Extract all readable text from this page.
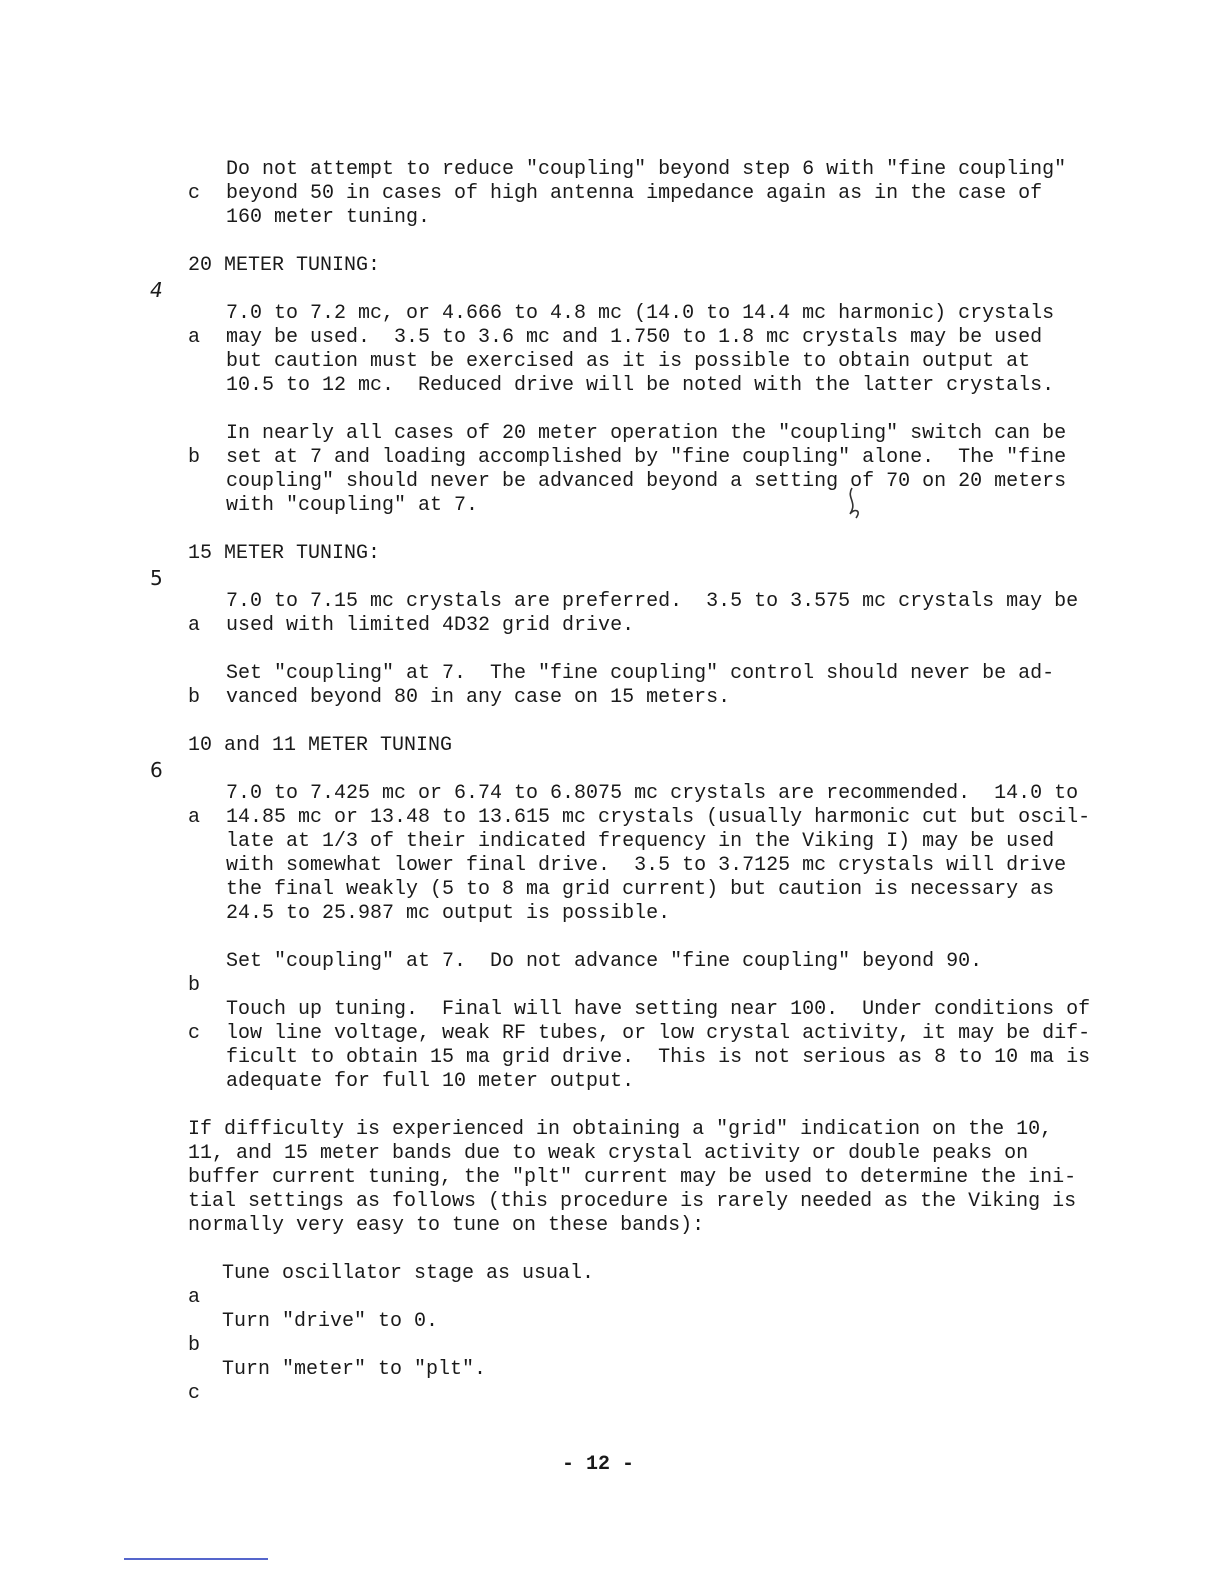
c

Do not attempt to reduce "coupling" beyond step 6 with "fine coupling"

beyond 50 in cases of high antenna impedance again as in the case of

160 meter tuning.

4

20 METER TUNING:

a

7.0 to 7.2 mc, or 4.666 to 4.8 mc (14.0 to 14.4 mc harmonic) crystals

may be used.  3.5 to 3.6 mc and 1.750 to 1.8 mc crystals may be used

but caution must be exercised as it is possible to obtain output at

10.5 to 12 mc.  Reduced drive will be noted with the latter crystals.

b

In nearly all cases of 20 meter operation the "coupling" switch can be

set at 7 and loading accomplished by "fine coupling" alone.  The "fine

coupling" should never be advanced beyond a setting of 70 on 20 meters

with "coupling" at 7.

5

15 METER TUNING:

a

7.0 to 7.15 mc crystals are preferred.  3.5 to 3.575 mc crystals may be

used with limited 4D32 grid drive.

b

Set "coupling" at 7.  The "fine coupling" control should never be ad-

vanced beyond 80 in any case on 15 meters.

6

10 and 11 METER TUNING

a

7.0 to 7.425 mc or 6.74 to 6.8075 mc crystals are recommended.  14.0 to

14.85 mc or 13.48 to 13.615 mc crystals (usually harmonic cut but oscil-

late at 1/3 of their indicated frequency in the Viking I) may be used

with somewhat lower final drive.  3.5 to 3.7125 mc crystals will drive

the final weakly (5 to 8 ma grid current) but caution is necessary as

24.5 to 25.987 mc output is possible.

b

Set "coupling" at 7.  Do not advance "fine coupling" beyond 90.

c

Touch up tuning.  Final will have setting near 100.  Under conditions of

low line voltage, weak RF tubes, or low crystal activity, it may be dif-

ficult to obtain 15 ma grid drive.  This is not serious as 8 to 10 ma is

adequate for full 10 meter output.

If difficulty is experienced in obtaining a "grid" indication on the 10,

11, and 15 meter bands due to weak crystal activity or double peaks on

buffer current tuning, the "plt" current may be used to determine the ini-

tial settings as follows (this procedure is rarely needed as the Viking is

normally very easy to tune on these bands):

a

Tune oscillator stage as usual.

b

Turn "drive" to 0.

c

Turn "meter" to "plt".

- 12 -
